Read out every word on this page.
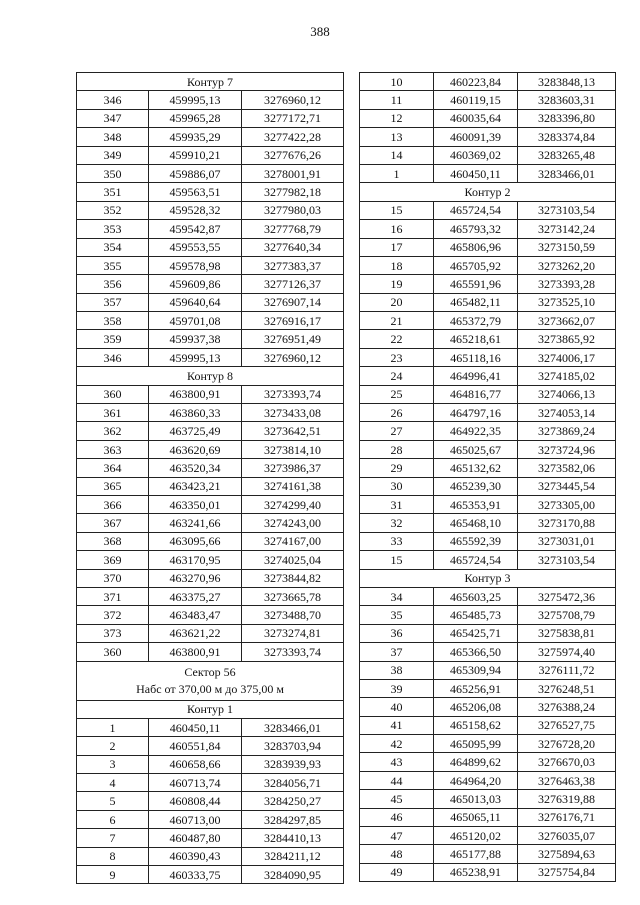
388
Контур 7		
346	459995,13	3276960,12
347	459965,28	3277172,71
348	459935,29	3277422,28
349	459910,21	3277676,26
350	459886,07	3278001,91
351	459563,51	3277982,18
352	459528,32	3277980,03
353	459542,87	3277768,79
354	459553,55	3277640,34
355	459578,98	3277383,37
356	459609,86	3277126,37
357	459640,64	3276907,14
358	459701,08	3276916,17
359	459937,38	3276951,49
346	459995,13	3276960,12
Контур 8		
360	463800,91	3273393,74
361	463860,33	3273433,08
362	463725,49	3273642,51
363	463620,69	3273814,10
364	463520,34	3273986,37
365	463423,21	3274161,38
366	463350,01	3274299,40
367	463241,66	3274243,00
368	463095,66	3274167,00
369	463170,95	3274025,04
370	463270,96	3273844,82
371	463375,27	3273665,78
372	463483,47	3273488,70
373	463621,22	3273274,81
360	463800,91	3273393,74

Сектор 56
Набс от 370,00 м до 375,00 м		

Контур 1		
1	460450,11	3283466,01
2	460551,84	3283703,94
3	460658,66	3283939,93
4	460713,74	3284056,71
5	460808,44	3284250,27
6	460713,00	3284297,85
7	460487,80	3284410,13
8	460390,43	3284211,12
9	460333,75	3284090,95
10	460223,84	3283848,13
11	460119,15	3283603,31
12	460035,64	3283396,80
13	460091,39	3283374,84
14	460369,02	3283265,48
1	460450,11	3283466,01
Контур 2		
15	465724,54	3273103,54
16	465793,32	3273142,24
17	465806,96	3273150,59
18	465705,92	3273262,20
19	465591,96	3273393,28
20	465482,11	3273525,10
21	465372,79	3273662,07
22	465218,61	3273865,92
23	465118,16	3274006,17
24	464996,41	3274185,02
25	464816,77	3274066,13
26	464797,16	3274053,14
27	464922,35	3273869,24
28	465025,67	3273724,96
29	465132,62	3273582,06
30	465239,30	3273445,54
31	465353,91	3273305,00
32	465468,10	3273170,88
33	465592,39	3273031,01
15	465724,54	3273103,54
Контур 3		
34	465603,25	3275472,36
35	465485,73	3275708,79
36	465425,71	3275838,81
37	465366,50	3275974,40
38	465309,94	3276111,72
39	465256,91	3276248,51
40	465206,08	3276388,24
41	465158,62	3276527,75
42	465095,99	3276728,20
43	464899,62	3276670,03
44	464964,20	3276463,38
45	465013,03	3276319,88
46	465065,11	3276176,71
47	465120,02	3276035,07
48	465177,88	3275894,63
49	465238,91	3275754,84
